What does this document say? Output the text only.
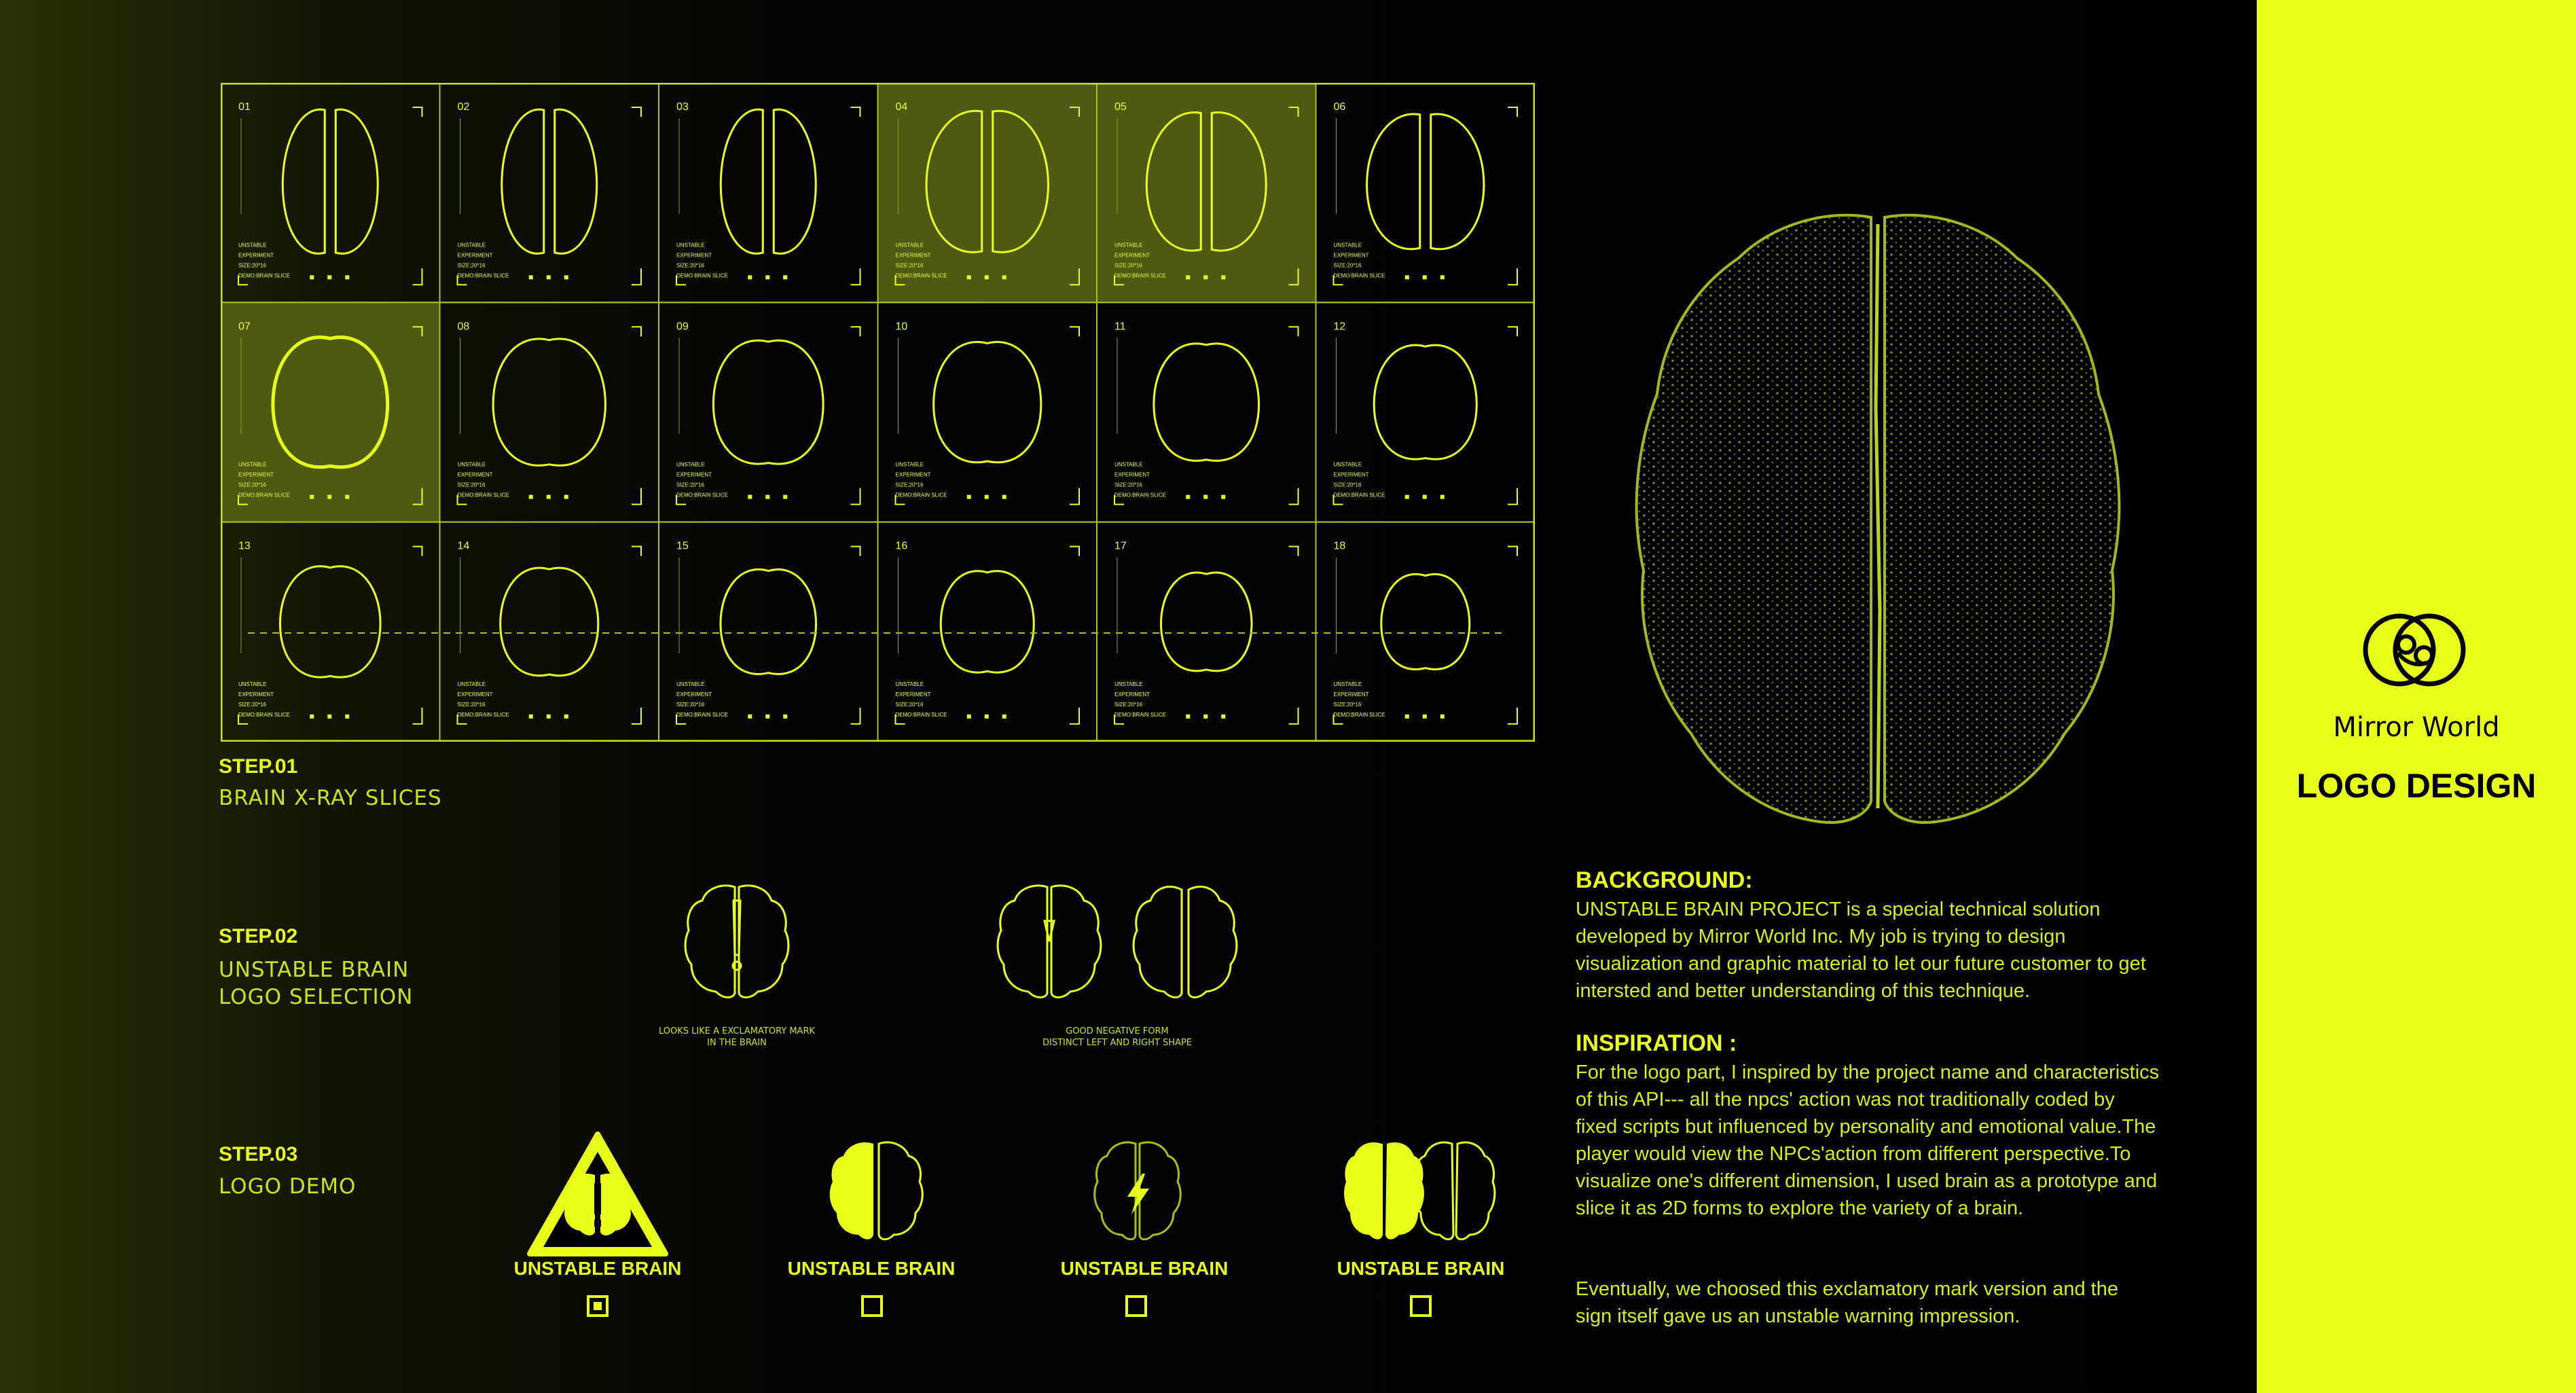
01
UNSTABLE
EXPERIMENT
SIZE:20*16
DEMO:BRAIN SLICE
02
UNSTABLE
EXPERIMENT
SIZE:20*16
DEMO:BRAIN SLICE
03
UNSTABLE
EXPERIMENT
SIZE:20*16
DEMO:BRAIN SLICE
04
UNSTABLE
EXPERIMENT
SIZE:20*16
DEMO:BRAIN SLICE
05
UNSTABLE
EXPERIMENT
SIZE:20*16
DEMO:BRAIN SLICE
06
UNSTABLE
EXPERIMENT
SIZE:20*16
DEMO:BRAIN SLICE
07
UNSTABLE
EXPERIMENT
SIZE:20*16
DEMO:BRAIN SLICE
08
UNSTABLE
EXPERIMENT
SIZE:20*16
DEMO:BRAIN SLICE
09
UNSTABLE
EXPERIMENT
SIZE:20*16
DEMO:BRAIN SLICE
10
UNSTABLE
EXPERIMENT
SIZE:20*16
DEMO:BRAIN SLICE
11
UNSTABLE
EXPERIMENT
SIZE:20*16
DEMO:BRAIN SLICE
12
UNSTABLE
EXPERIMENT
SIZE:20*16
DEMO:BRAIN SLICE
13
UNSTABLE
EXPERIMENT
SIZE:20*16
DEMO:BRAIN SLICE
14
UNSTABLE
EXPERIMENT
SIZE:20*16
DEMO:BRAIN SLICE
15
UNSTABLE
EXPERIMENT
SIZE:20*16
DEMO:BRAIN SLICE
16
UNSTABLE
EXPERIMENT
SIZE:20*16
DEMO:BRAIN SLICE
17
UNSTABLE
EXPERIMENT
SIZE:20*16
DEMO:BRAIN SLICE
18
UNSTABLE
EXPERIMENT
SIZE:20*16
DEMO:BRAIN SLICE

STEP.01

BRAIN X-RAY SLICES

STEP.02

UNSTABLE BRAIN
LOGO SELECTION

LOOKS LIKE A EXCLAMATORY MARK
IN THE BRAIN
GOOD NEGATIVE FORM
DISTINCT LEFT AND RIGHT SHAPE

STEP.03

LOGO DEMO

UNSTABLE BRAIN	UNSTABLE BRAIN	UNSTABLE BRAIN	UNSTABLE BRAIN

BACKGROUND:

UNSTABLE BRAIN PROJECT is a special technical solution developed by Mirror World Inc. My job is trying to design visualization and graphic material to let our future customer to get intersted and better understanding of this technique.

INSPIRATION :

For the logo part, I inspired by the project name and characteristics of this API--- all the npcs' action was not traditionally coded by fixed scripts but influenced by personality and emotional value.The player would view the NPCs'action from different perspective.To visualize one's different dimension, I used brain as a prototype and slice it as 2D forms to explore the variety of a brain.

Eventually, we choosed this exclamatory mark version and the sign itself gave us an unstable warning impression.

Mirror World

LOGO DESIGN
